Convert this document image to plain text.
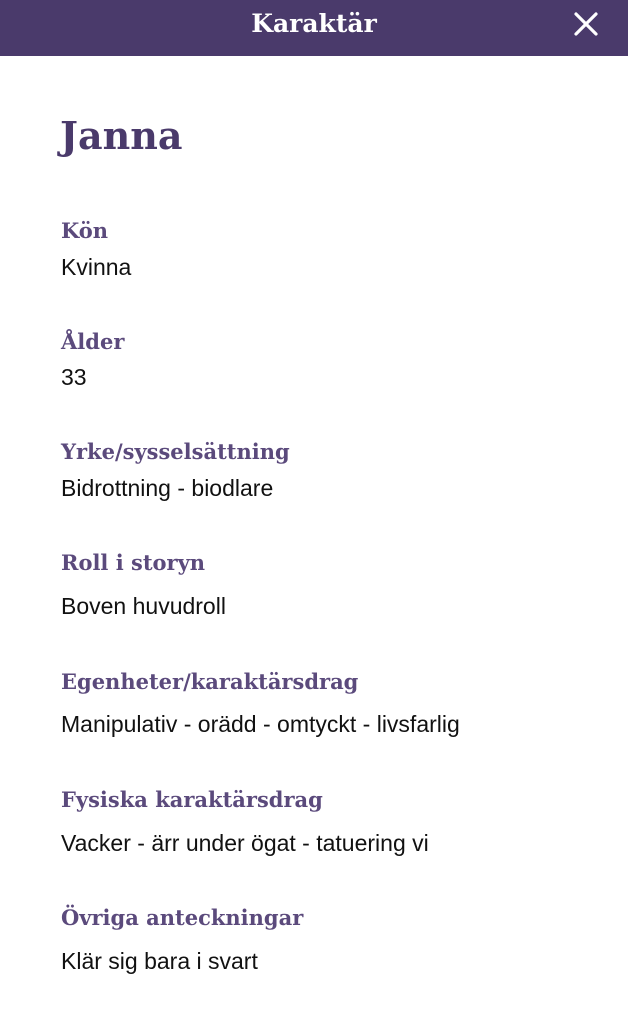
Karaktär
Janna
Kön
Kvinna
Ålder
33
Yrke/sysselsättning
Bidrottning - biodlare
Roll i storyn
Boven huvudroll
Egenheter/karaktärsdrag
Manipulativ - orädd - omtyckt - livsfarlig
Fysiska karaktärsdrag
Vacker - ärr under ögat - tatuering vi
Övriga anteckningar
Klär sig bara i svart
